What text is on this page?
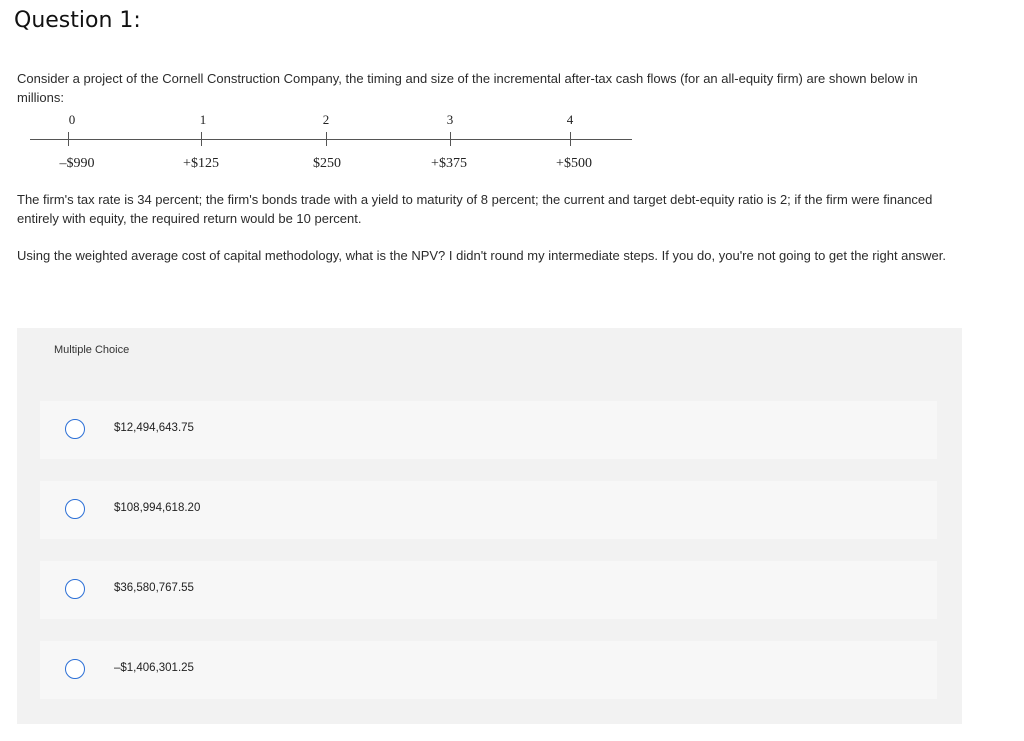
Question 1:
Consider a project of the Cornell Construction Company, the timing and size of the incremental after-tax cash flows (for an all-equity firm) are shown below in millions:
0	1	2	3	4
–$990	+$125	$250	+$375	+$500
The firm's tax rate is 34 percent; the firm's bonds trade with a yield to maturity of 8 percent; the current and target debt-equity ratio is 2; if the firm were financed entirely with equity, the required return would be 10 percent.
Using the weighted average cost of capital methodology, what is the NPV? I didn't round my intermediate steps. If you do, you're not going to get the right answer.
Multiple Choice
$12,494,643.75
$108,994,618.20
$36,580,767.55
–$1,406,301.25
